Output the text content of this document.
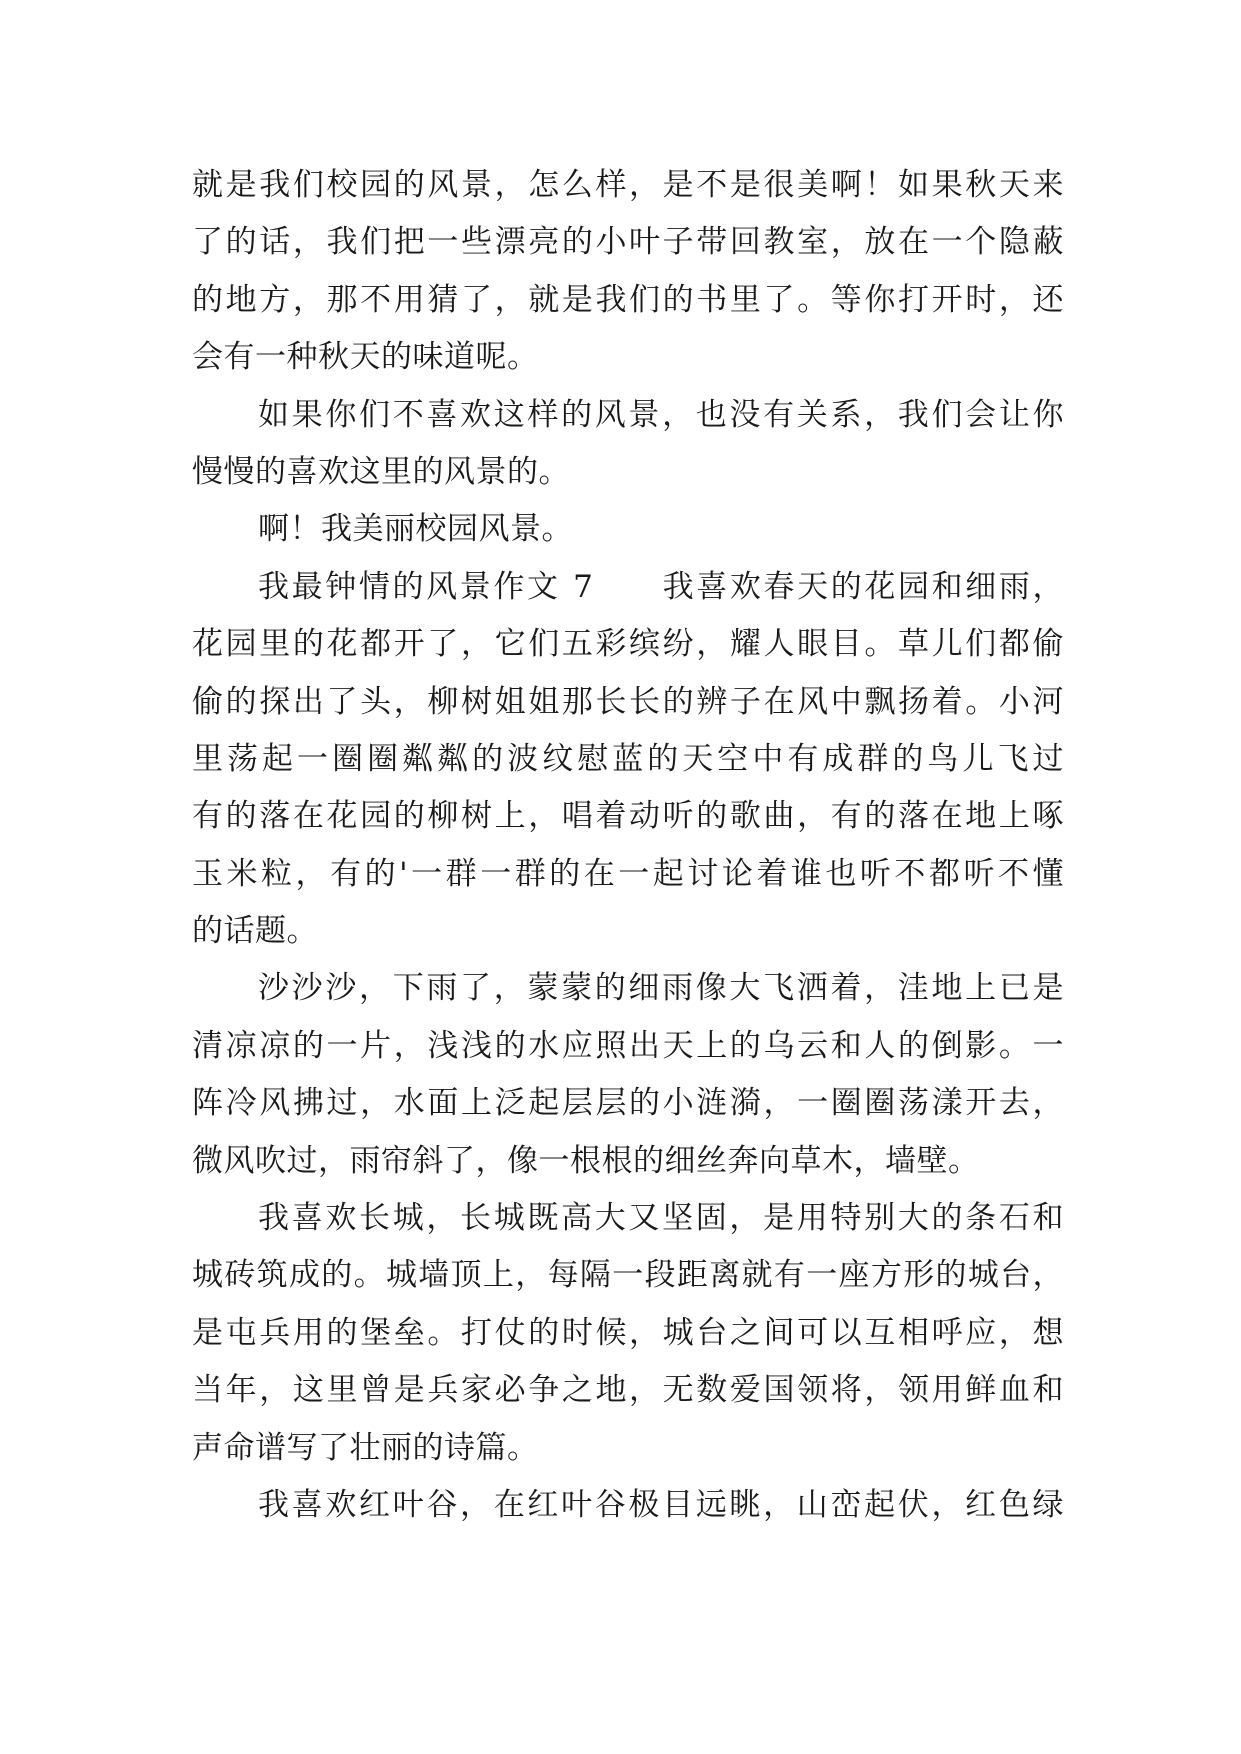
就是我们校园的风景，怎么样，是不是很美啊！如果秋天来
了的话，我们把一些漂亮的小叶子带回教室，放在一个隐蔽
的地方，那不用猜了，就是我们的书里了。等你打开时，还
会有一种秋天的味道呢。
如果你们不喜欢这样的风景，也没有关系，我们会让你
慢慢的喜欢这里的风景的。
啊！我美丽校园风景。
我最钟情的风景作文 7　　我喜欢春天的花园和细雨，
花园里的花都开了，它们五彩缤纷，耀人眼目。草儿们都偷
偷的探出了头，柳树姐姐那长长的辨子在风中飘扬着。小河
里荡起一圈圈粼粼的波纹慰蓝的天空中有成群的鸟儿飞过
有的落在花园的柳树上，唱着动听的歌曲，有的落在地上啄
玉米粒，有的'一群一群的在一起讨论着谁也听不都听不懂
的话题。
沙沙沙，下雨了，蒙蒙的细雨像大飞洒着，洼地上已是
清凉凉的一片，浅浅的水应照出天上的乌云和人的倒影。一
阵冷风拂过，水面上泛起层层的小涟漪，一圈圈荡漾开去，
微风吹过，雨帘斜了，像一根根的细丝奔向草木，墙壁。
我喜欢长城，长城既高大又坚固，是用特别大的条石和
城砖筑成的。城墙顶上，每隔一段距离就有一座方形的城台，
是屯兵用的堡垒。打仗的时候，城台之间可以互相呼应，想
当年，这里曾是兵家必争之地，无数爱国领将，领用鲜血和
声命谱写了壮丽的诗篇。
我喜欢红叶谷，在红叶谷极目远眺，山峦起伏，红色绿
